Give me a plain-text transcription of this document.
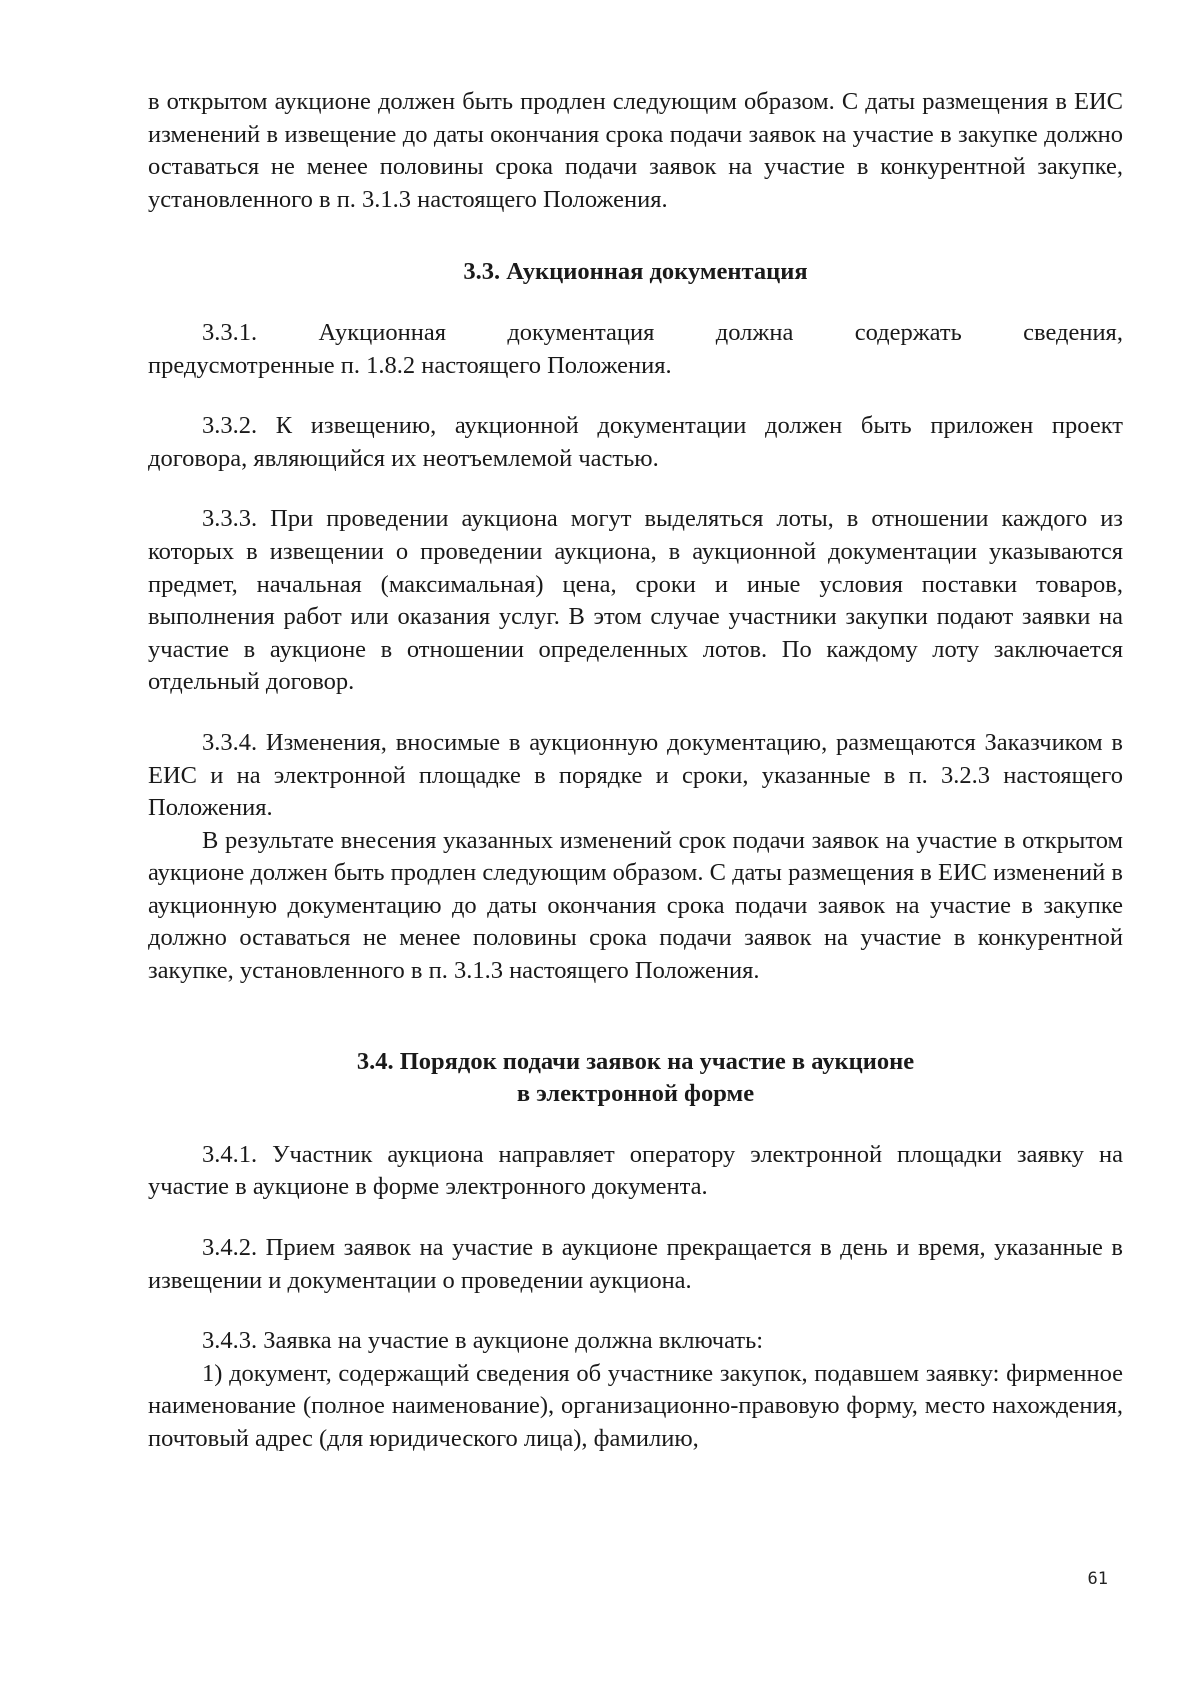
в открытом аукционе должен быть продлен следующим образом. С даты размещения в ЕИС изменений в извещение до даты окончания срока подачи заявок на участие в закупке должно оставаться не менее половины срока подачи заявок на участие в конкурентной закупке, установленного в п. 3.1.3 настоящего Положения.

3.3. Аукционная документация

3.3.1.	Аукционная	документация	должна	содержать	сведения,

предусмотренные п. 1.8.2 настоящего Положения.

3.3.2. К извещению, аукционной документации должен быть приложен проект договора, являющийся их неотъемлемой частью.

3.3.3. При проведении аукциона могут выделяться лоты, в отношении каждого из которых в извещении о проведении аукциона, в аукционной документации указываются предмет, начальная (максимальная) цена, сроки и иные условия поставки товаров, выполнения работ или оказания услуг. В этом случае участники закупки подают заявки на участие в аукционе в отношении определенных лотов. По каждому лоту заключается отдельный договор.

3.3.4. Изменения, вносимые в аукционную документацию, размещаются Заказчиком в ЕИС и на электронной площадке в порядке и сроки, указанные в п. 3.2.3 настоящего Положения.

В результате внесения указанных изменений срок подачи заявок на участие в открытом аукционе должен быть продлен следующим образом. С даты размещения в ЕИС изменений в аукционную документацию до даты окончания срока подачи заявок на участие в закупке должно оставаться не менее половины срока подачи заявок на участие в конкурентной закупке, установленного в п. 3.1.3 настоящего Положения.

3.4. Порядок подачи заявок на участие в аукционе

в электронной форме

3.4.1. Участник аукциона направляет оператору электронной площадки заявку на участие в аукционе в форме электронного документа.

3.4.2. Прием заявок на участие в аукционе прекращается в день и время, указанные в извещении и документации о проведении аукциона.

3.4.3. Заявка на участие в аукционе должна включать:

1) документ, содержащий сведения об участнике закупок, подавшем заявку: фирменное наименование (полное наименование), организационно-правовую форму, место нахождения, почтовый адрес (для юридического лица), фамилию,

61
